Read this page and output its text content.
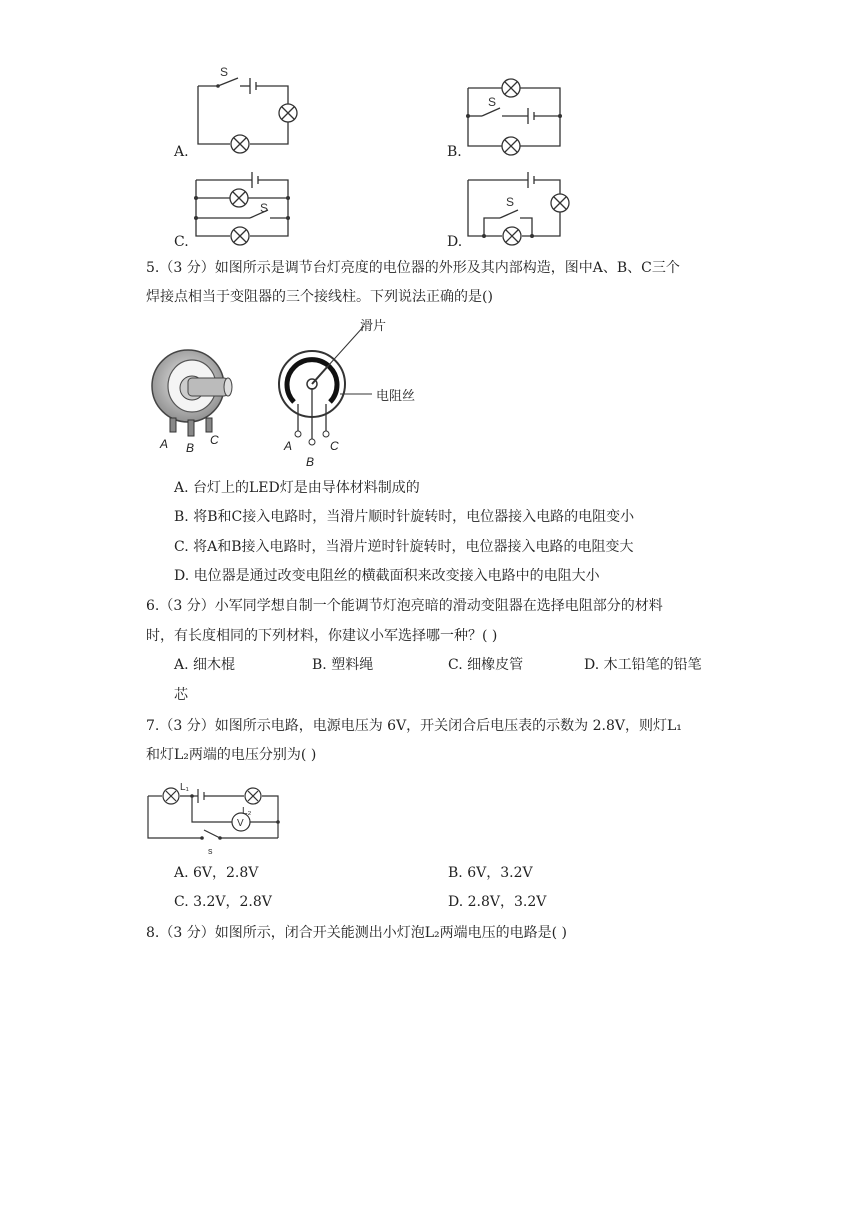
A.
S
B.
S
C.
S
D.
S
5.（3 分）如图所示是调节台灯亮度的电位器的外形及其内部构造，图中A、B、C三个
焊接点相当于变阻器的三个接线柱。下列说法正确的是()
A B
C
滑片
电阻丝
A
B
C
A. 台灯上的LED灯是由导体材料制成的
B. 将B和C接入电路时，当滑片顺时针旋转时，电位器接入电路的电阻变小
C. 将A和B接入电路时，当滑片逆时针旋转时，电位器接入电路的电阻变大
D. 电位器是通过改变电阻丝的横截面积来改变接入电路中的电阻大小
6.（3 分）小军同学想自制一个能调节灯泡亮暗的滑动变阻器在选择电阻部分的材料
时，有长度相同的下列材料，你建议小军选择哪一种？( )
A. 细木棍	B. 塑料绳	C. 细橡皮管	D. 木工铅笔的铅笔
芯
7.（3 分）如图所示电路，电源电压为 6V，开关闭合后电压表的示数为 2.8V，则灯L₁
和灯L₂两端的电压分别为( )
V
L₁
L₂
s
A. 6V，2.8V	B. 6V，3.2V
C. 3.2V，2.8V	D. 2.8V，3.2V
8.（3 分）如图所示，闭合开关能测出小灯泡L₂两端电压的电路是( )
